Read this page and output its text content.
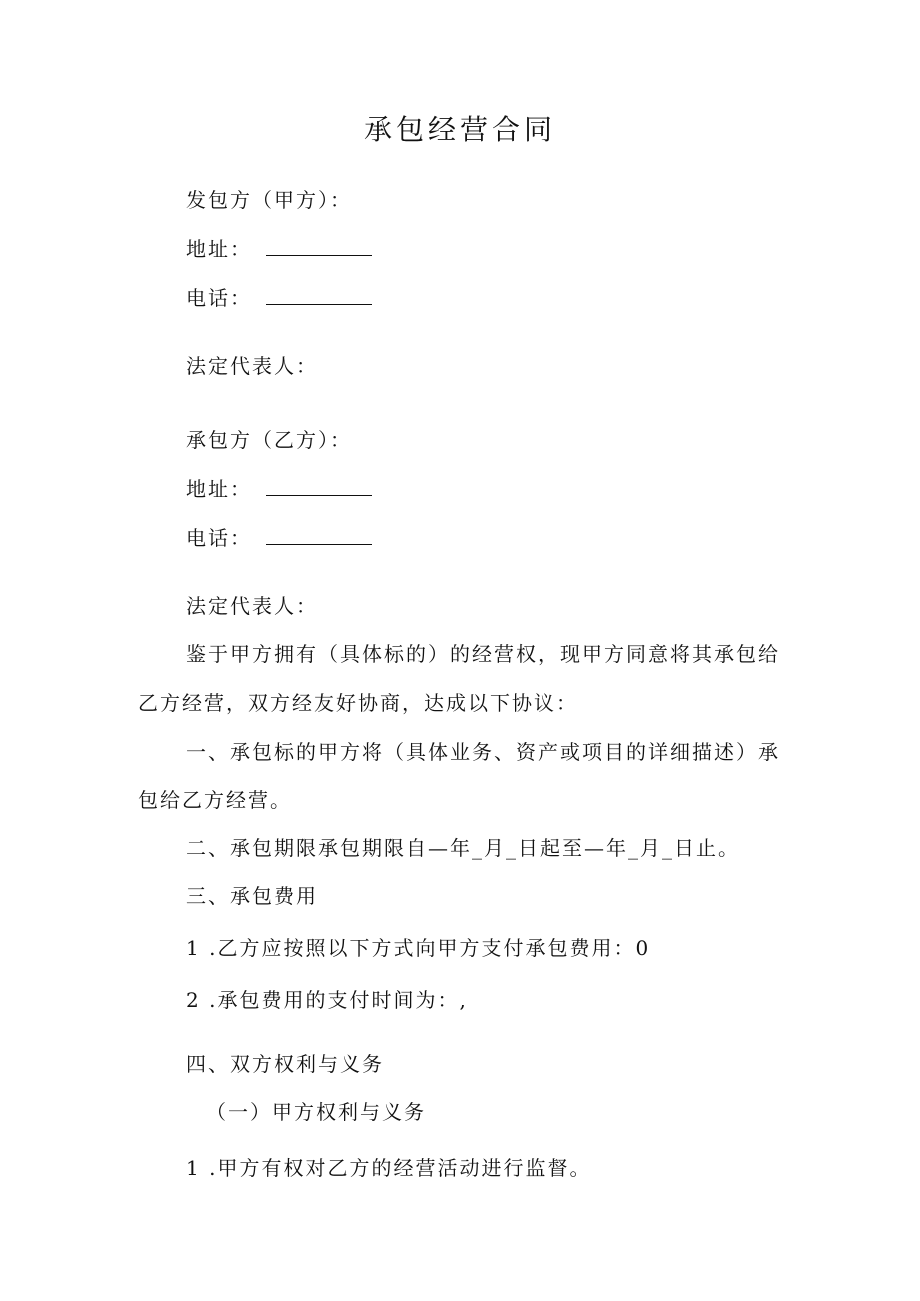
承包经营合同
发包方（甲方）：
地址：
电话：
法定代表人：
承包方（乙方）：
地址：
电话：
法定代表人：
鉴于甲方拥有（具体标的）的经营权，现甲方同意将其承包给
乙方经营，双方经友好协商，达成以下协议：
一、承包标的甲方将（具体业务、资产或项目的详细描述）承
包给乙方经营。
二、承包期限承包期限自—年_月_日起至—年_月_日止。
三、承包费用
1 .乙方应按照以下方式向甲方支付承包费用：0
2 .承包费用的支付时间为：,
四、双方权利与义务
（一）甲方权利与义务
1 .甲方有权对乙方的经营活动进行监督。
